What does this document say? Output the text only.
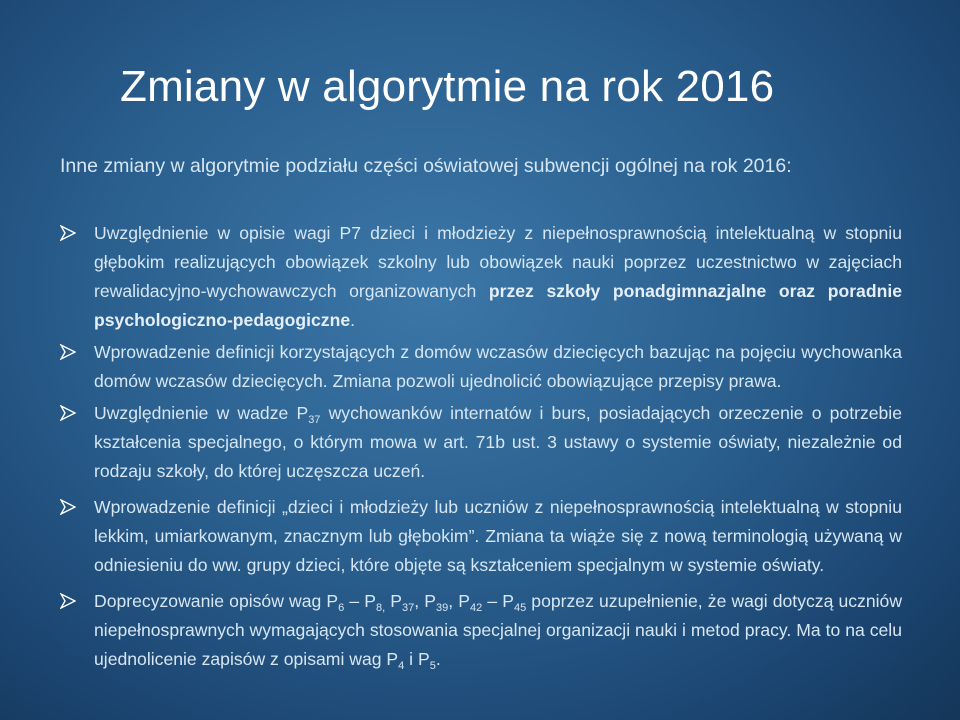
Zmiany w algorytmie na rok 2016

Inne zmiany w algorytmie podziału części oświatowej subwencji ogólnej na rok 2016:

Uwzględnienie w opisie wagi P7 dzieci i młodzieży z niepełnosprawnością intelektualną w stopniu głębokim realizujących obowiązek szkolny lub obowiązek nauki poprzez uczestnictwo w zajęciach rewalidacyjno-wychowawczych organizowanych przez szkoły ponadgimnazjalne oraz poradnie psychologiczno-pedagogiczne.
Wprowadzenie definicji korzystających z domów wczasów dziecięcych bazując na pojęciu wychowanka domów wczasów dziecięcych. Zmiana pozwoli ujednolicić obowiązujące przepisy prawa.
Uwzględnienie w wadze $P_{37}$ wychowanków internatów i burs, posiadających orzeczenie o potrzebie kształcenia specjalnego, o którym mowa w art. 71b ust. 3 ustawy o systemie oświaty, niezależnie od rodzaju szkoły, do której uczęszcza uczeń.
Wprowadzenie definicji „dzieci i młodzieży lub uczniów z niepełnosprawnością intelektualną w stopniu lekkim, umiarkowanym, znacznym lub głębokim”. Zmiana ta wiąże się z nową terminologią używaną w odniesieniu do ww. grupy dzieci, które objęte są kształceniem specjalnym w systemie oświaty.
Doprecyzowanie opisów wag $P_6 - P_{8,}$ $P_{37}$, $P_{39}$, $P_{42} - P_{45}$ poprzez uzupełnienie, że wagi dotyczą uczniów niepełnosprawnych wymagających stosowania specjalnej organizacji nauki i metod pracy. Ma to na celu ujednolicenie zapisów z opisami wag $P_4$ i $P_5$.
